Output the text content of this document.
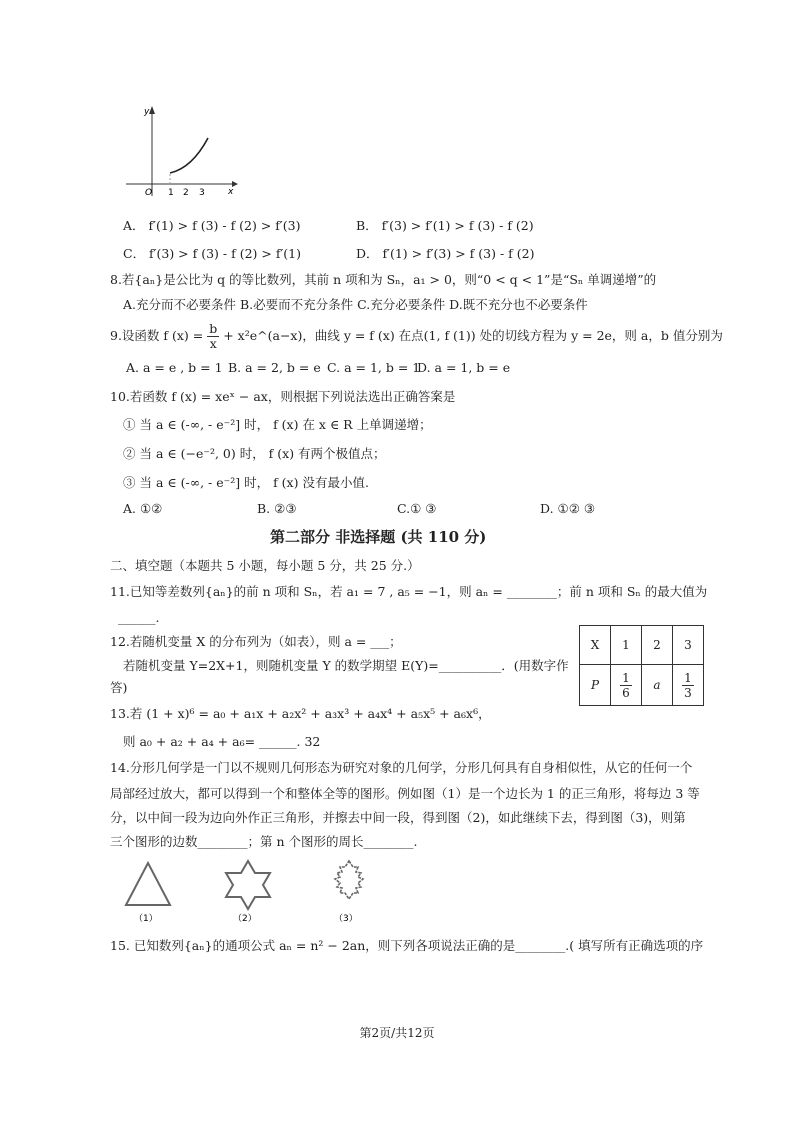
y
x
O 1 2 3
A． f′(1) > f (3) - f (2) > f′(3)	B． f′(3) > f′(1) > f (3) - f (2)
C． f′(3) > f (3) - f (2) > f′(1)	D． f′(1) > f′(3) > f (3) - f (2)
8.若{aₙ}是公比为 q 的等比数列，其前 n 项和为 Sₙ，a₁ > 0，则“0 < q < 1”是“Sₙ 单调递增”的
A.充分而不必要条件 B.必要而不充分条件 C.充分必要条件 D.既不充分也不必要条件
9.设函数 f $(x) = \frac{b}{x}$ + x²e^(a−x)，曲线 y = f (x) 在点(1, f (1)) 处的切线方程为 y = 2e，则 a，b 值分别为
A. a = e , b = 1 B. a = 2, b = e C. a = 1, b = 1
D. a = 1, b = e
10.若函数 f (x) = xeˣ − ax，则根据下列说法选出正确答案是
① 当 a ∈ (-∞, - e⁻²] 时， f (x) 在 x ∈ R 上单调递增；
② 当 a ∈ (−e⁻², 0) 时， f (x) 有两个极值点；
③ 当 a ∈ (-∞, - e⁻²] 时， f (x) 没有最小值.
A. ①②	B. ②③	C.① ③	D. ①② ③
第二部分 非选择题 (共 110 分)
二、填空题（本题共 5 小题，每小题 5 分，共 25 分.）
11.已知等差数列{aₙ}的前 n 项和 Sₙ，若 a₁ = 7 , a₅ = −1，则 aₙ = ________；前 n 项和 Sₙ 的最大值为
______.
12.若随机变量 X 的分布列为（如表），则 a = ___；
若随机变量 Y=2X+1，则随机变量 Y 的数学期望 E(Y)=__________．(用数字作
答)
X	1	2	3
P	$\frac{1}{6}$	a	$\frac{1}{3}$
13.若 (1 + x)⁶ = a₀ + a₁x + a₂x² + a₃x³ + a₄x⁴ + a₅x⁵ + a₆x⁶，
则 a₀ + a₂ + a₄ + a₆= ______. 32
14.分形几何学是一门以不规则几何形态为研究对象的几何学，分形几何具有自身相似性，从它的任何一个
局部经过放大，都可以得到一个和整体全等的图形。例如图（1）是一个边长为 1 的正三角形，将每边 3 等
分，以中间一段为边向外作正三角形，并擦去中间一段，得到图（2)，如此继续下去，得到图（3)，则第
三个图形的边数________；第 n 个图形的周长________.
（1）	（2）	（3）
15. 已知数列{aₙ}的通项公式 aₙ = n² − 2an，则下列各项说法正确的是________.( 填写所有正确选项的序
第2页/共12页
